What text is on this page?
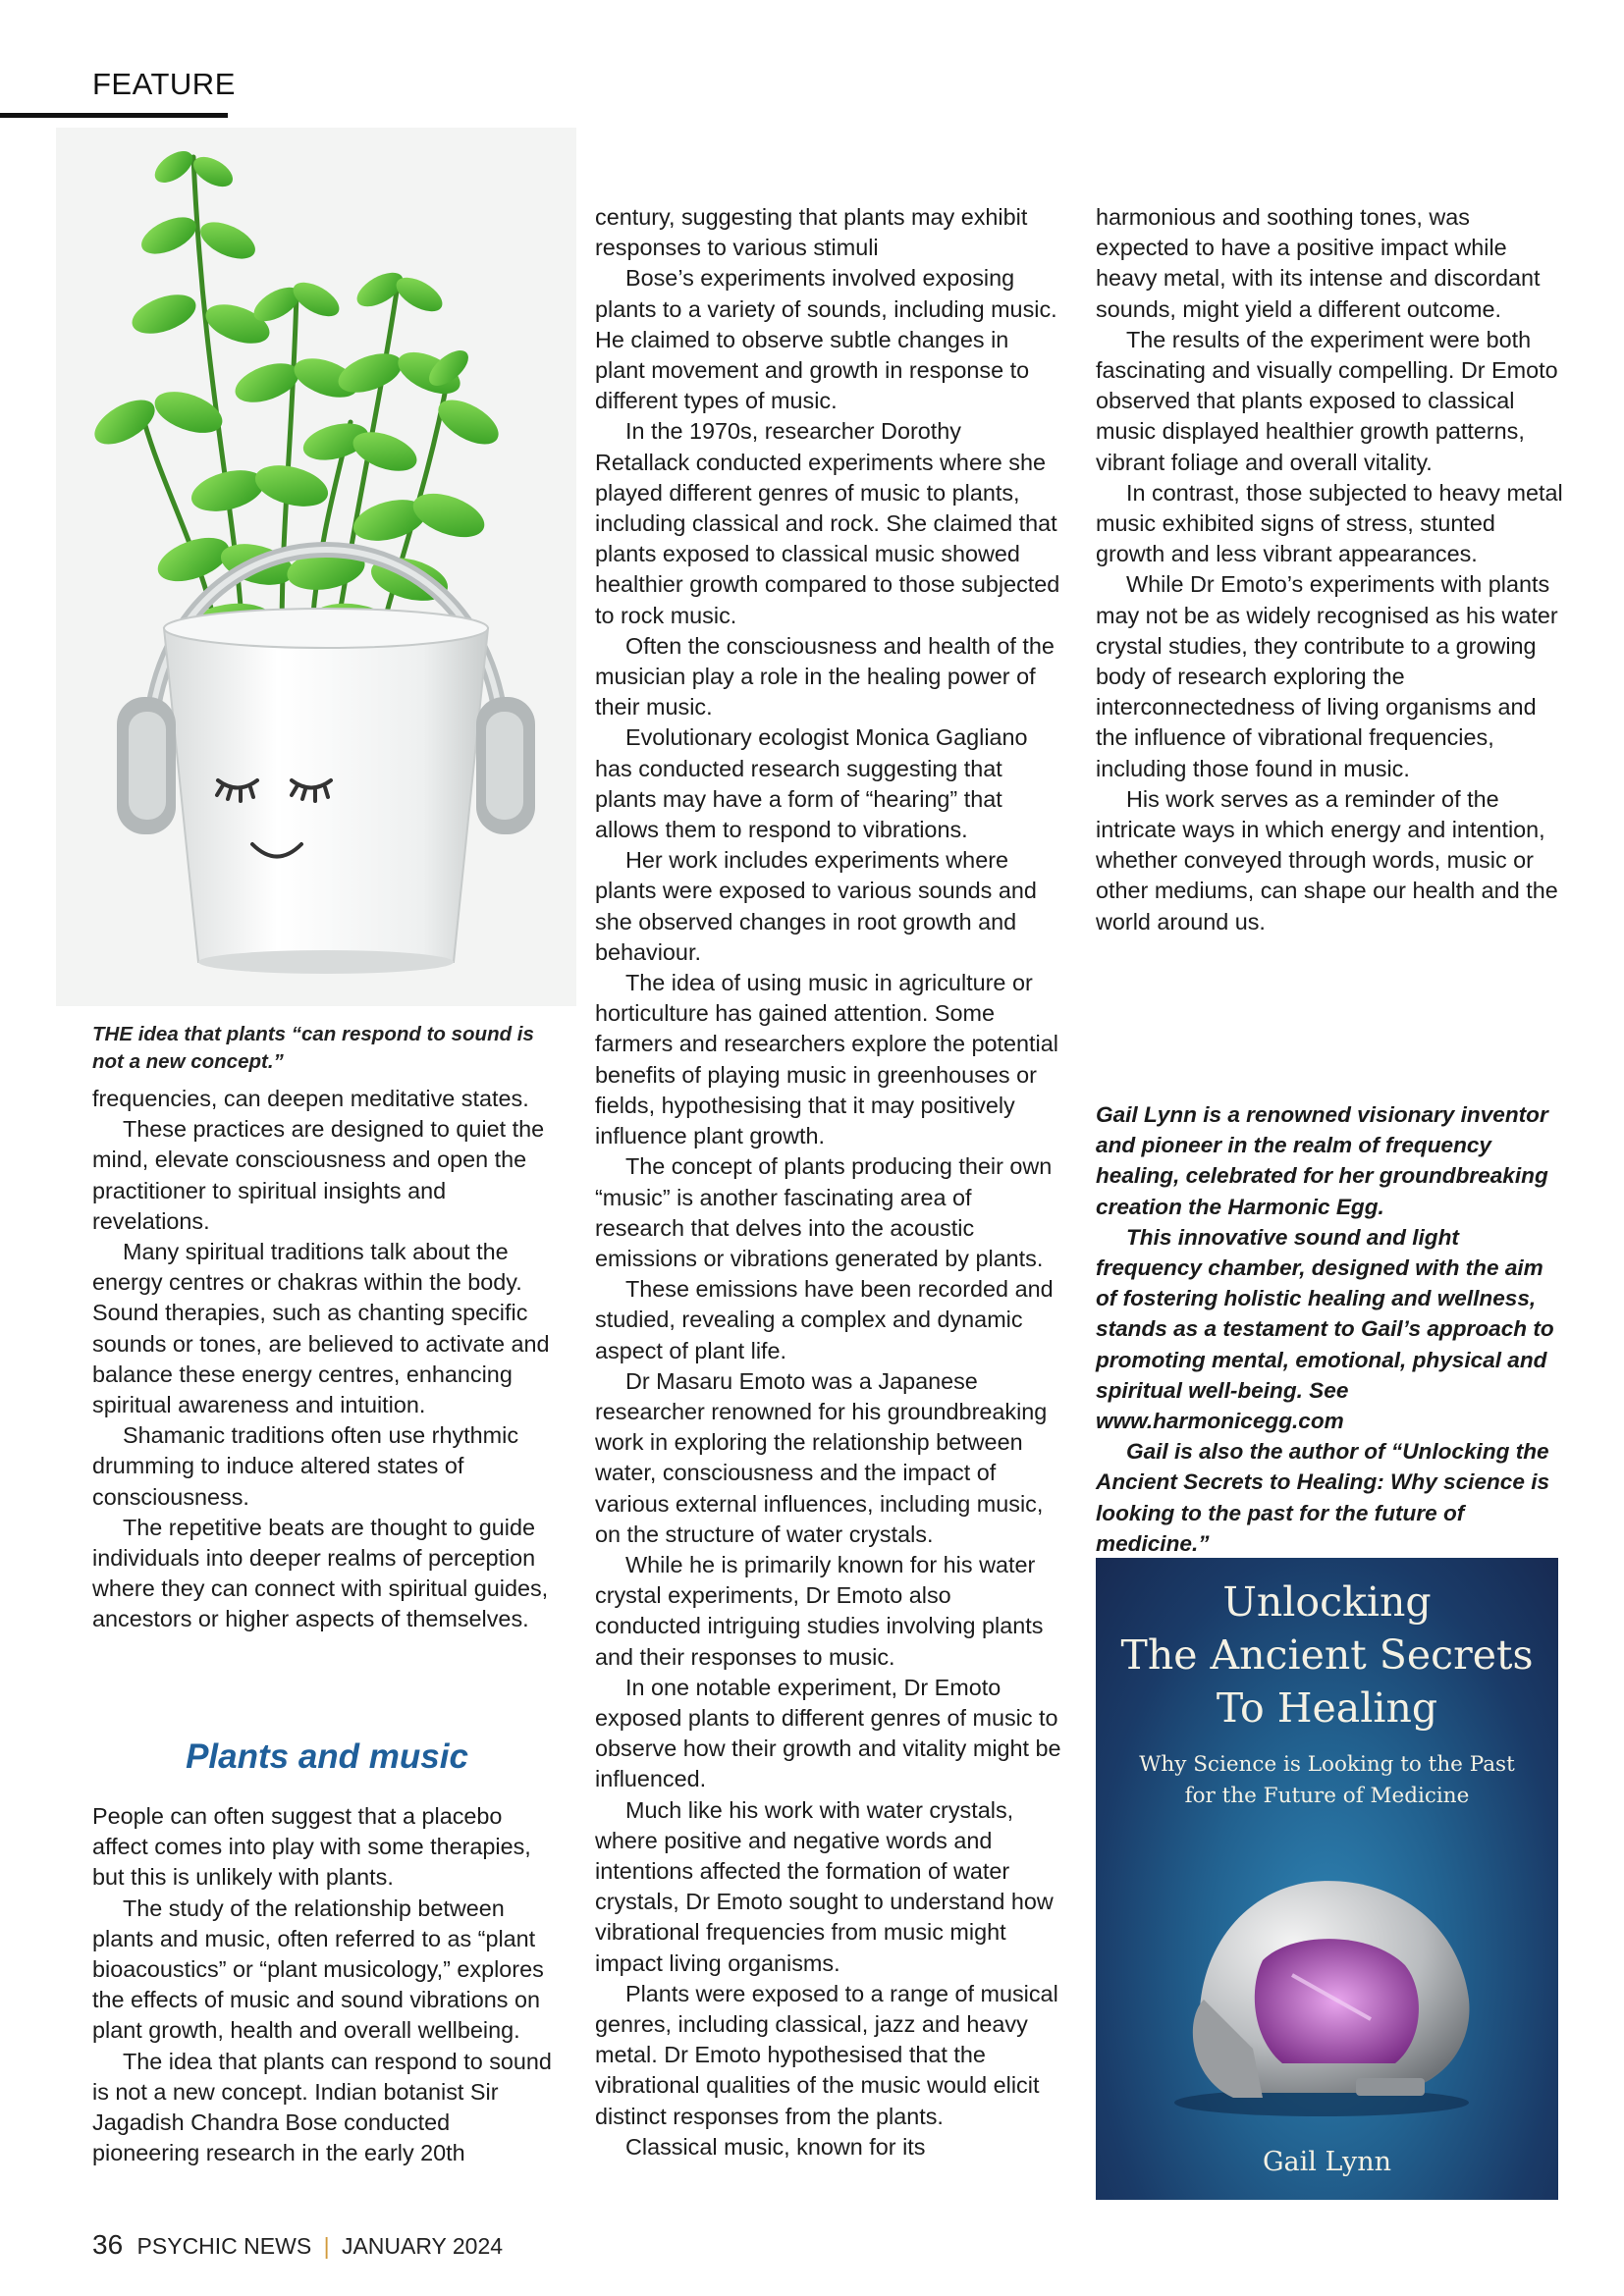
FEATURE
THE idea that plants “can respond to sound is not a new concept.”

frequencies, can deepen meditative states.

These practices are designed to quiet the mind, elevate consciousness and open the practitioner to spiritual insights and revelations.

Many spiritual traditions talk about the energy centres or chakras within the body. Sound therapies, such as chanting specific sounds or tones, are believed to activate and balance these energy centres, enhancing spiritual awareness and intuition.

Shamanic traditions often use rhythmic drumming to induce altered states of consciousness.

The repetitive beats are thought to guide individuals into deeper realms of perception where they can connect with spiritual guides, ancestors or higher aspects of themselves.

Plants and music

People can often suggest that a placebo affect comes into play with some therapies, but this is unlikely with plants.

The study of the relationship between plants and music, often referred to as “plant bioacoustics” or “plant musicology,” explores the effects of music and sound vibrations on plant growth, health and overall wellbeing.

The idea that plants can respond to sound is not a new concept. Indian botanist Sir Jagadish Chandra Bose conducted pioneering research in the early 20th

century, suggesting that plants may exhibit responses to various stimuli

Bose’s experiments involved exposing plants to a variety of sounds, including music. He claimed to observe subtle changes in plant movement and growth in response to different types of music.

In the 1970s, researcher Dorothy Retallack conducted experiments where she played different genres of music to plants, including classical and rock. She claimed that plants exposed to classical music showed healthier growth compared to those subjected to rock music.

Often the consciousness and health of the musician play a role in the healing power of their music.

Evolutionary ecologist Monica Gagliano has conducted research suggesting that plants may have a form of “hearing” that allows them to respond to vibrations.

Her work includes experiments where plants were exposed to various sounds and she observed changes in root growth and behaviour.

The idea of using music in agriculture or horticulture has gained attention. Some farmers and researchers explore the potential benefits of playing music in greenhouses or fields, hypothesising that it may positively influence plant growth.

The concept of plants producing their own “music” is another fascinating area of research that delves into the acoustic emissions or vibrations generated by plants.

These emissions have been recorded and studied, revealing a complex and dynamic aspect of plant life.

Dr Masaru Emoto was a Japanese researcher renowned for his groundbreaking work in exploring the relationship between water, consciousness and the impact of various external influences, including music, on the structure of water crystals.

While he is primarily known for his water crystal experiments, Dr Emoto also conducted intriguing studies involving plants and their responses to music.

In one notable experiment, Dr Emoto exposed plants to different genres of music to observe how their growth and vitality might be influenced.

Much like his work with water crystals, where positive and negative words and intentions affected the formation of water crystals, Dr Emoto sought to understand how vibrational frequencies from music might impact living organisms.

Plants were exposed to a range of musical genres, including classical, jazz and heavy metal. Dr Emoto hypothesised that the vibrational qualities of the music would elicit distinct responses from the plants.

Classical music, known for its

harmonious and soothing tones, was expected to have a positive impact while heavy metal, with its intense and discordant sounds, might yield a different outcome.

The results of the experiment were both fascinating and visually compelling. Dr Emoto observed that plants exposed to classical music displayed healthier growth patterns, vibrant foliage and overall vitality.

In contrast, those subjected to heavy metal music exhibited signs of stress, stunted growth and less vibrant appearances.

While Dr Emoto’s experiments with plants may not be as widely recognised as his water crystal studies, they contribute to a growing body of research exploring the interconnectedness of living organisms and the influence of vibrational frequencies, including those found in music.

His work serves as a reminder of the intricate ways in which energy and intention, whether conveyed through words, music or other mediums, can shape our health and the world around us.

Gail Lynn is a renowned visionary inventor and pioneer in the realm of frequency healing, celebrated for her groundbreaking creation the Harmonic Egg.

This innovative sound and light frequency chamber, designed with the aim of fostering holistic healing and wellness, stands as a testament to Gail’s approach to promoting mental, emotional, physical and spiritual well-being. See www.harmonicegg.com

Gail is also the author of “Unlocking the Ancient Secrets to Healing: Why science is looking to the past for the future of medicine.”

Unlocking
The Ancient Secrets
To Healing
Why Science is Looking to the Past
for the Future of Medicine
Gail Lynn
36 PSYCHIC NEWS | JANUARY 2024
